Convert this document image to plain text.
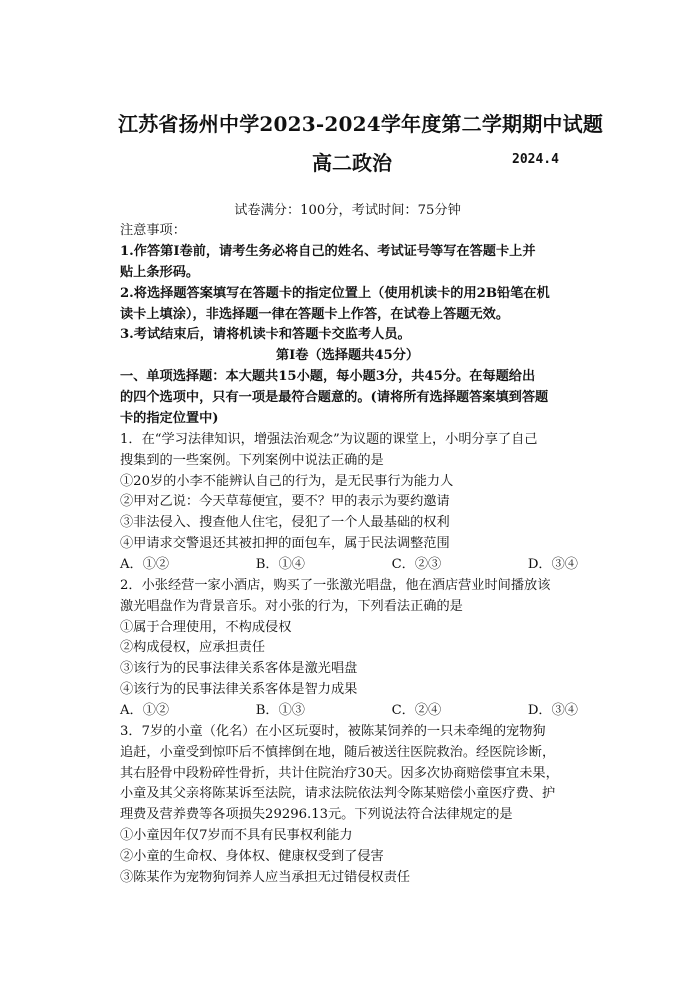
江苏省扬州中学2023-2024学年度第二学期期中试题
高二政治	2024.4
试卷满分：100分，考试时间：75分钟
注意事项：
1.作答第Ⅰ卷前，请考生务必将自己的姓名、考试证号等写在答题卡上并
贴上条形码。
2.将选择题答案填写在答题卡的指定位置上（使用机读卡的用2B铅笔在机
读卡上填涂），非选择题一律在答题卡上作答，在试卷上答题无效。
3.考试结束后，请将机读卡和答题卡交监考人员。
第Ⅰ卷（选择题共45分）
一、单项选择题：本大题共15小题，每小题3分，共45分。在每题给出
的四个选项中，只有一项是最符合题意的。(请将所有选择题答案填到答题
卡的指定位置中)
1．在“学习法律知识，增强法治观念”为议题的课堂上，小明分享了自己
搜集到的一些案例。下列案例中说法正确的是
①20岁的小李不能辨认自己的行为，是无民事行为能力人
②甲对乙说：今天草莓便宜，要不？甲的表示为要约邀请
③非法侵入、搜查他人住宅，侵犯了一个人最基础的权利
④甲请求交警退还其被扣押的面包车，属于民法调整范围
A．①②	B．①④	C．②③	D．③④
2．小张经营一家小酒店，购买了一张激光唱盘，他在酒店营业时间播放该
激光唱盘作为背景音乐。对小张的行为，下列看法正确的是
①属于合理使用，不构成侵权
②构成侵权，应承担责任
③该行为的民事法律关系客体是激光唱盘
④该行为的民事法律关系客体是智力成果
A．①②	B．①③	C．②④	D．③④
3．7岁的小童（化名）在小区玩耍时，被陈某饲养的一只未牵绳的宠物狗
追赶，小童受到惊吓后不慎摔倒在地，随后被送往医院救治。经医院诊断，
其右胫骨中段粉碎性骨折，共计住院治疗30天。因多次协商赔偿事宜未果，
小童及其父亲将陈某诉至法院，请求法院依法判令陈某赔偿小童医疗费、护
理费及营养费等各项损失29296.13元。下列说法符合法律规定的是
①小童因年仅7岁而不具有民事权利能力
②小童的生命权、身体权、健康权受到了侵害
③陈某作为宠物狗饲养人应当承担无过错侵权责任
